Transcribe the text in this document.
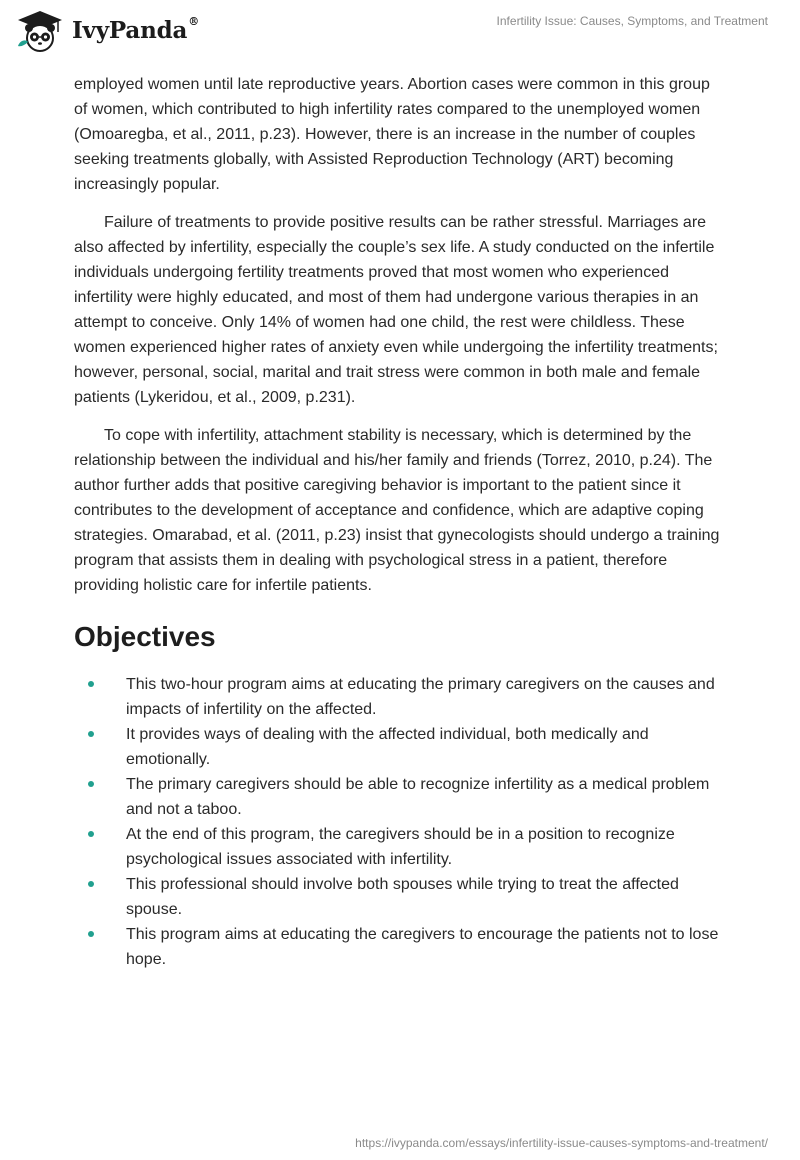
IvyPanda®	Infertility Issue: Causes, Symptoms, and Treatment

employed women until late reproductive years. Abortion cases were common in this group of women, which contributed to high infertility rates compared to the unemployed women (Omoaregba, et al., 2011, p.23). However, there is an increase in the number of couples seeking treatments globally, with Assisted Reproduction Technology (ART) becoming increasingly popular.

Failure of treatments to provide positive results can be rather stressful. Marriages are also affected by infertility, especially the couple’s sex life. A study conducted on the infertile individuals undergoing fertility treatments proved that most women who experienced infertility were highly educated, and most of them had undergone various therapies in an attempt to conceive. Only 14% of women had one child, the rest were childless. These women experienced higher rates of anxiety even while undergoing the infertility treatments; however, personal, social, marital and trait stress were common in both male and female patients (Lykeridou, et al., 2009, p.231).

To cope with infertility, attachment stability is necessary, which is determined by the relationship between the individual and his/her family and friends (Torrez, 2010, p.24). The author further adds that positive caregiving behavior is important to the patient since it contributes to the development of acceptance and confidence, which are adaptive coping strategies. Omarabad, et al. (2011, p.23) insist that gynecologists should undergo a training program that assists them in dealing with psychological stress in a patient, therefore providing holistic care for infertile patients.

Objectives
This two-hour program aims at educating the primary caregivers on the causes and impacts of infertility on the affected.
It provides ways of dealing with the affected individual, both medically and emotionally.
The primary caregivers should be able to recognize infertility as a medical problem and not a taboo.
At the end of this program, the caregivers should be in a position to recognize psychological issues associated with infertility.
This professional should involve both spouses while trying to treat the affected spouse.
This program aims at educating the caregivers to encourage the patients not to lose hope.
https://ivypanda.com/essays/infertility-issue-causes-symptoms-and-treatment/
